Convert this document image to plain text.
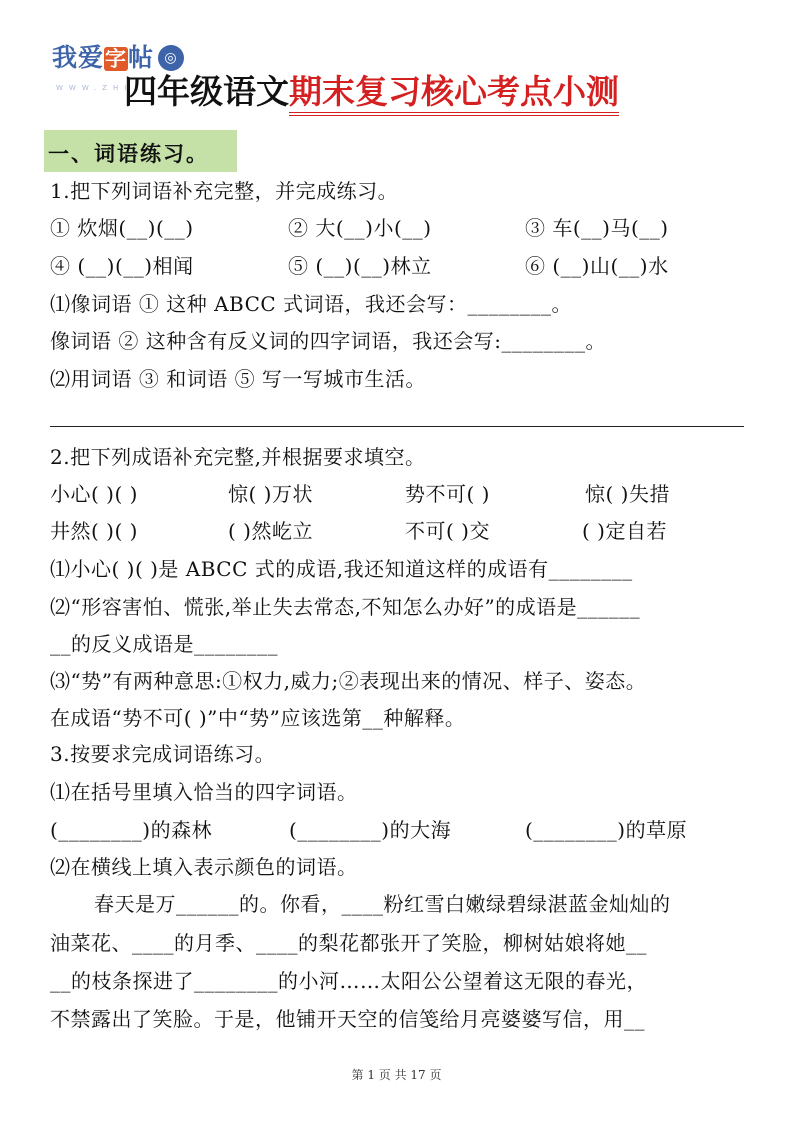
我爱字帖 ◎
WWW.ZHI
四年级语文期末复习核心考点小测
一、词语练习。
1.把下列词语补充完整，并完成练习。
① 炊烟(__)(__)	② 大(__)小(__)	③ 车(__)马(__)
④ (__)(__)相闻	⑤ (__)(__)林立	⑥ (__)山(__)水
⑴像词语 ① 这种 ABCC 式词语，我还会写：________。
像词语 ② 这种含有反义词的四字词语，我还会写:________。
⑵用词语 ③ 和词语 ⑤ 写一写城市生活。
2.把下列成语补充完整,并根据要求填空。
小心( )( )	惊( )万状	势不可( )	惊( )失措
井然( )( )	( )然屹立	不可( )交	( )定自若
⑴小心( )( )是 ABCC 式的成语,我还知道这样的成语有________
⑵“形容害怕、慌张,举止失去常态,不知怎么办好”的成语是______
__的反义成语是________
⑶“势”有两种意思:①权力,威力;②表现出来的情况、样子、姿态。
在成语“势不可( )”中“势”应该选第__种解释。
3.按要求完成词语练习。
⑴在括号里填入恰当的四字词语。
(________)的森林	(________)的大海	(________)的草原
⑵在横线上填入表示颜色的词语。
春天是万______的。你看，____粉红雪白嫩绿碧绿湛蓝金灿灿的
油菜花、____的月季、____的梨花都张开了笑脸，柳树姑娘将她__
__的枝条探进了________的小河……太阳公公望着这无限的春光，
不禁露出了笑脸。于是，他铺开天空的信笺给月亮婆婆写信，用__
第 1 页 共 17 页
